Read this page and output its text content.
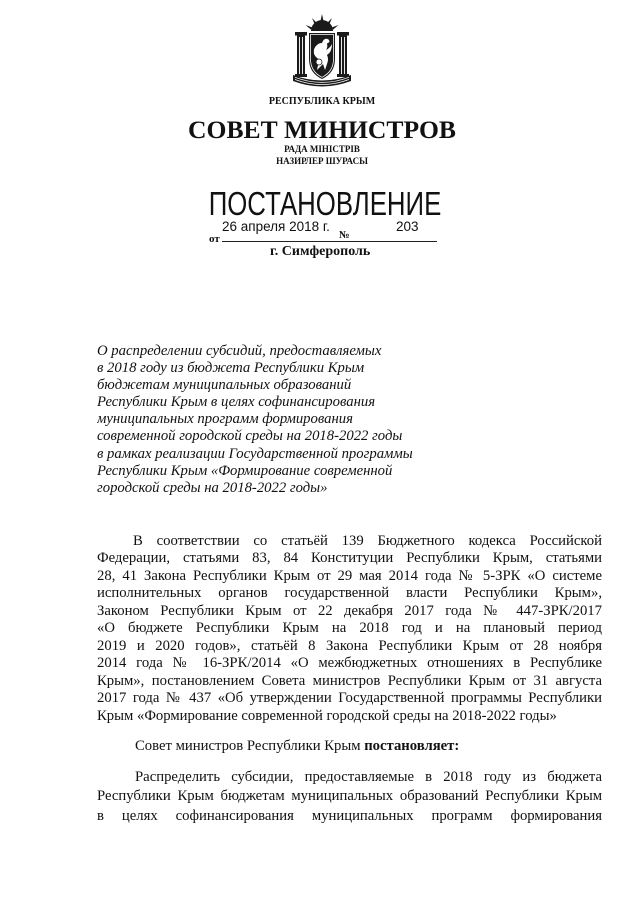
РЕСПУБЛИКА КРЫМ
СОВЕТ МИНИСТРОВ
РАДА МІНІСТРІВ
НАЗИРЛЕР ШУРАСЫ
ПОСТАНОВЛЕНИЕ
от
26 апреля 2018 г.
№
203
г. Симферополь
О распределении субсидий, предоставляемых
в 2018 году из бюджета Республики Крым
бюджетам муниципальных образований
Республики Крым в целях софинансирования
муниципальных программ формирования
современной городской среды на 2018-2022 годы
в рамках реализации Государственной программы
Республики Крым «Формирование современной
городской среды на 2018-2022 годы»
В соответствии со статьёй 139 Бюджетного кодекса Российской
Федерации, статьями 83, 84 Конституции Республики Крым, статьями
28, 41 Закона Республики Крым от 29 мая 2014 года № 5-ЗРК «О системе
исполнительных органов государственной власти Республики Крым»,
Законом Республики Крым от 22 декабря 2017 года № 447-ЗРК/2017
«О бюджете Республики Крым на 2018 год и на плановый период
2019 и 2020 годов», статьёй 8 Закона Республики Крым от 28 ноября
2014 года № 16-ЗРК/2014 «О межбюджетных отношениях в Республике
Крым», постановлением Совета министров Республики Крым от 31 августа
2017 года № 437 «Об утверждении Государственной программы Республики
Крым «Формирование современной городской среды на 2018-2022 годы»
Совет министров Республики Крым постановляет:
Распределить субсидии, предоставляемые в 2018 году из бюджета
Республики Крым бюджетам муниципальных образований Республики Крым
в целях софинансирования муниципальных программ формирования
